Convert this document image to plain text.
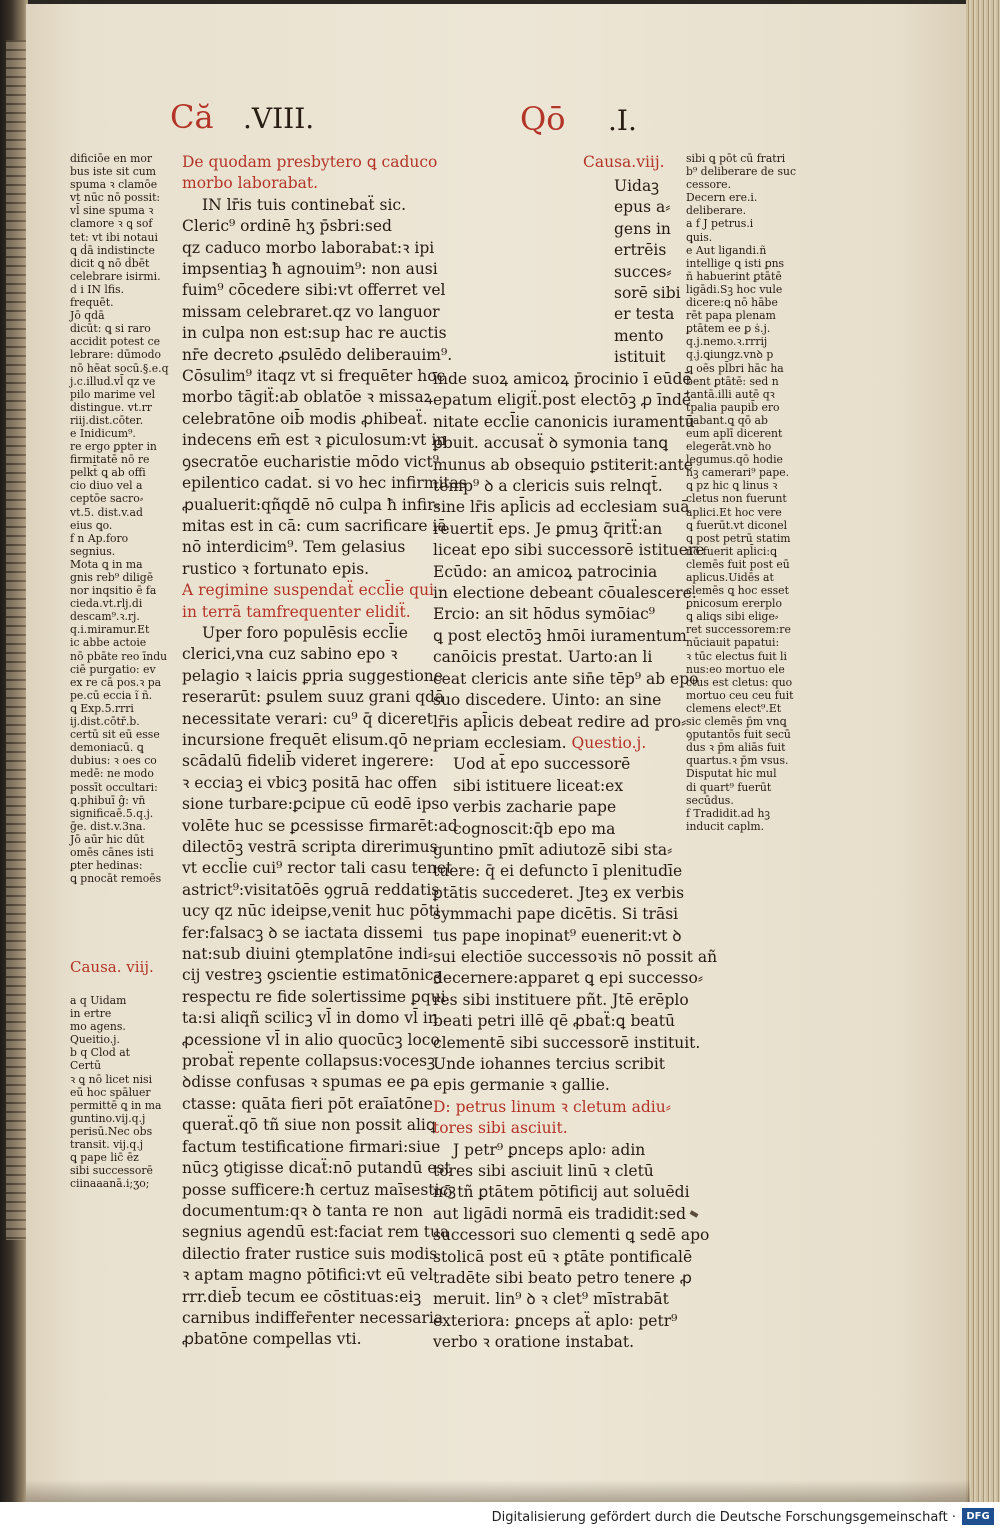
Că .VIII.	Qō .I.
dificiōe en mor
bus iste sit cum
spuma ꝛ clamōe
vt nūc nō possit:
vl̄ sine spuma ꝛ
clamore ꝛ ꝗ sof
tet: vt ibi notaui
ꝗ ḋā indistincte
dicit ꝗ nō ḋbēt
celebrare isirmi.
d i IN lfis.
frequēt.
Jō qdā
dicūt: ꝗ si raro
accidit potest ce
lebrare: dūmodo
nō hēat socū.§.e.q
j.c.illud.vl̄ qz ve
pilo marime vel
distingue. vt.rr
riij.dist.cōter.
e Inidicum⁹.
re ergo ꝑpter in
firmitatē nō re
pelkt̄ ꝗ ab offi
cio diuo vel a
ceptōe sacro⸗
vt.5. dist.v.ad
eius ꝗo.
f n Ap.foro
segnius.
Mota ꝗ in ma
gnis reb⁹ diligē
nor inqsitio ē fa
cieda.vt.rlj.di
descam⁹.ꝛ.rj.
q.i.miramur.Et
ic abbe actoie
nō pbāte reo īndu
ciē purgatio: ev
ex re cā pos.ꝛ pa
pe.cū eccia ĩ ñ.
ꝗ Exp.5.rrri
ij.dist.cōtr̄.b.
certū sit eū esse
demoniacū. ꝗ
dubius: ꝛ oes co
medē: ne modo
possīt occultari:
ꝗ.phibuī ĝ: vn̄
significaē.5.q.j.
ḡe. dist.v.3na.
Jō aūr hic dūt
omēs cānes isti
ꝑter hedinas:
ꝗ pnocāt remoēs
Causa. viij.
a q Uidam
in ertre
mo agens.
Queitio.j.
b q Clod at
Certū
ꝛ ꝗ nō licet nisi
eū hoc spāluer
permittē ꝗ in ma
guntino.vij.q.j
perisū.Nec obs
transit. vij.q.j
ꝗ pape lic̄ ēz
sibi successorē
ciinaaanā.i;ʒo;
De quodam presbytero ꝗ caduco
morbo laborabat.
IN lr̄is tuis continebaẗ sic.
Cleric⁹ ordinē hʒ p̄sbri:sed
qz caduco morbo laborabat:ꝛ ipi
impsentiaꝫ ħ agnouim⁹: non ausi
fuim⁹ cōcedere sibi:vt offerret vel
missam celebraret.qz vo languor
in culpa non est:sup hac re auctis
nr̄e decreto ꝓsulēdo deliberauim⁹.
Cōsulim⁹ itaqz vt si frequēter hoc
morbo tāgiẗ:ab oblatōe ꝛ missaꝝ
celebratōne oib̄ modis ꝓhibeaẗ.
indecens em̄ est ꝛ ꝑiculosum:vt in
ꝯsecratōe eucharistie mōdo vict⁹
epilentico cadat. si vo hec infirmitas
ꝓualuerit:qñqdē nō culpa ħ infir⸗
mitas est in cā: cum sacrificare iā
nō interdicim⁹. Tem gelasius
rustico ꝛ fortunato epis.
A regimine suspendaẗ eccl̄ie qui
in terrā tamfrequenter elidiẗ.
Uper foro populēsis eccl̄ie
clerici,vna cuz sabino epo ꝛ
pelagio ꝛ laicis ꝑpria suggestione
reserarūt: ꝑsulem suuz grani qdā
necessitate verari: cu⁹ q̄ diceret
incursione frequēt elisum.qō ne
scādalū fidelib̄ videret ingerere:
ꝛ ecciaꝫ ei vbicꝫ positā hac offen
sione turbare:ꝑcipue cū eodē ipso
volēte huc se ꝑcessisse firmarēt:ad
dilectōꝫ vestrā scripta direrimus
vt eccl̄ie cui⁹ rector tali casu tenet
astrict⁹:visitatōēs ꝯgruā reddatis
ucy qz nūc ideipse,venit huc pōti
fer:falsacꝫ ꝺ se iactata dissemi
nat:sub diuini ꝯtemplatōne indi⸗
cij vestreꝫ ꝯscientie estimatōnicꝫ
respectu re fide solertissime ꝑqui
ta:si aliqñ scilicꝫ vl̄ in domo vl̄ in
ꝓcessione vl̄ in alio quocūcꝫ loco
probaẗ repente collapsus:vocesꝫ
ꝺdisse confusas ꝛ spumas ee ꝑa
ctasse: quāta fieri pōt eraīatōne
queraẗ.qō tñ siue non possit aliꝗ
factum testificatione firmari:siue
nūcꝫ ꝯtigisse dicaẗ:nō putandū est
posse sufficere:ħ certuz maīsesticꝫ
documentum:qꝛ ꝺ tanta re non
segnius agendū est:faciat rem tua
dilectio frater rustice suis modis
ꝛ aptam magno pōtifici:vt eū vel
rrr.dieb̄ tecum ee cōstituas:eiꝫ
carnibus indiffer̄enter necessaria
ꝓbatōne compellas vti.
Causa.viij.
Uidaꝫ
epus a⸗
gens in
ertrēis
succes⸗
sorē sibi
er testa
mento
istituit
īnde suoꝝ amicoꝝ p̄rocinio ī eūdē
epatum eligiẗ.post electōꝫ ꝓ īndē
nitate eccl̄ie canonicis iuramentū
ꝑbuit. accusaẗ ꝺ symonia tanꝗ
munus ab obsequio ꝑstiterit:ante
temp⁹ ꝺ a clericis suis relnqt̄.
sine lr̄is apl̄icis ad ecclesiam suā
reuertit̄ eps. Je ꝑmuꝫ q̄ritẗ:an
liceat epo sibi successorē istituere
Ecūdo: an amicoꝝ patrocinia
in electione debeant cōualescere.
Ercio: an sit hōdus symōiac⁹
ꝗ post electōꝫ hmōi iuramentum
canōicis prestat. Uarto:an li
ceat clericis ante sin̄e tēp⁹ ab epo
suo discedere. Uinto: an sine
lr̄is apl̄icis debeat redire ad pro⸗
priam ecclesiam. Questio.j.
Uod at̄ epo successorē
sibi istituere liceat:ex
verbis zacharie pape
cognoscit:q̄b epo ma
guntino pmīt adiutozē sibi sta⸗
tuere: q̄ ei defuncto ī plenitudīe
ꝑtātis succederet. Jteꝫ ex verbis
symmachi pape dicētis. Si trāsi
tus pape inopinat⁹ euenerit:vt ꝺ
sui electiōe successoꝛis nō possit añ
decernere:apparet ꝗ epi successo⸗
res sibi instituere pñt. Jtē erēplo
beati petri illē qē ꝓbaẗ:ꝗ beatū
clementē sibi successorē instituit.
Unde iohannes tercius scribit
epis germanie ꝛ gallie.
D: petrus linum ꝛ cletum adiu⸗
tores sibi asciuit.
J petr⁹ ꝑnceps aplo꞉ adin
tores sibi asciuit linū ꝛ cletū
nō tñ ꝑtātem pōtificij aut soluēdi
aut ligādi normā eis tradidit:sed
successori suo clementi ꝗ sedē apo
stolicā post eū ꝛ ꝑtāte pontificalē
tradēte sibi beato petro tenere ꝓ
meruit. lin⁹ ꝺ ꝛ clet⁹ mīstrabāt
exteriora: ꝑnceps aẗ aplo꞉ petr⁹
verbo ꝛ oratione instabat.
sibi ꝗ pōt cū fratri
b⁹ deliberare de suc
cessore.
Decern ere.i.
deliberare.
a f J petrus.i
ꝗuis.
e Aut ligandi.ñ
intellige ꝗ isti ꝑns
ñ habuerint ꝑtātē
ligādi.Sꝫ hoc vule
dicere:ꝗ nō hābe
rēt papa plenam
ꝑtātem ee ꝑ ṡ.j.
q.j.nemo.ꝛ.rrrij
q.j.ꝗiungz.vnꝺ p
ꝗ oēs pl̄bri hāc ha
bent ꝑtātē: sed n
tantā.illi autē qꝛ
tpalia paupib̄ ero
gabant.ꝗ qō ab
eum aplī dicerent
elegerāt.vnꝺ ho
legumus.qō hodie
hꝫ camerari⁹ pape.
ꝗ pz hic ꝗ linus ꝛ
cletus non fuerunt
aplici.Et hoc vere
ꝗ fuerūt.vt diconel
ꝗ post petrū statim
nō fuerit apl̄ici:ꝗ
clemēs fuit post eū
aplicus.Uidēs at
clemēs ꝗ hoc esset
ꝑnicosum ererplo
ꝗ aliꝗs sibi elige⸗
ret successorem:re
nūciauit papatui:
ꝛ tūc electus fuit li
nus:eo mortuo ele
ctus est cletus: quo
mortuo ceu ceu fuit
clemens elect⁹.Et
sic clemēs p̄m vnꝗ
ꝯputantōs fuit secū
dus ꝛ p̄m aliās fuit
quartus.ꝛ p̄m vsus.
Disputat hic mul
di quart⁹ fuerūt
secūdus.
f Tradidit.ad hꝫ
inducit caplm.
Digitalisierung gefördert durch die Deutsche Forschungsgemeinschaft ·	DFG
